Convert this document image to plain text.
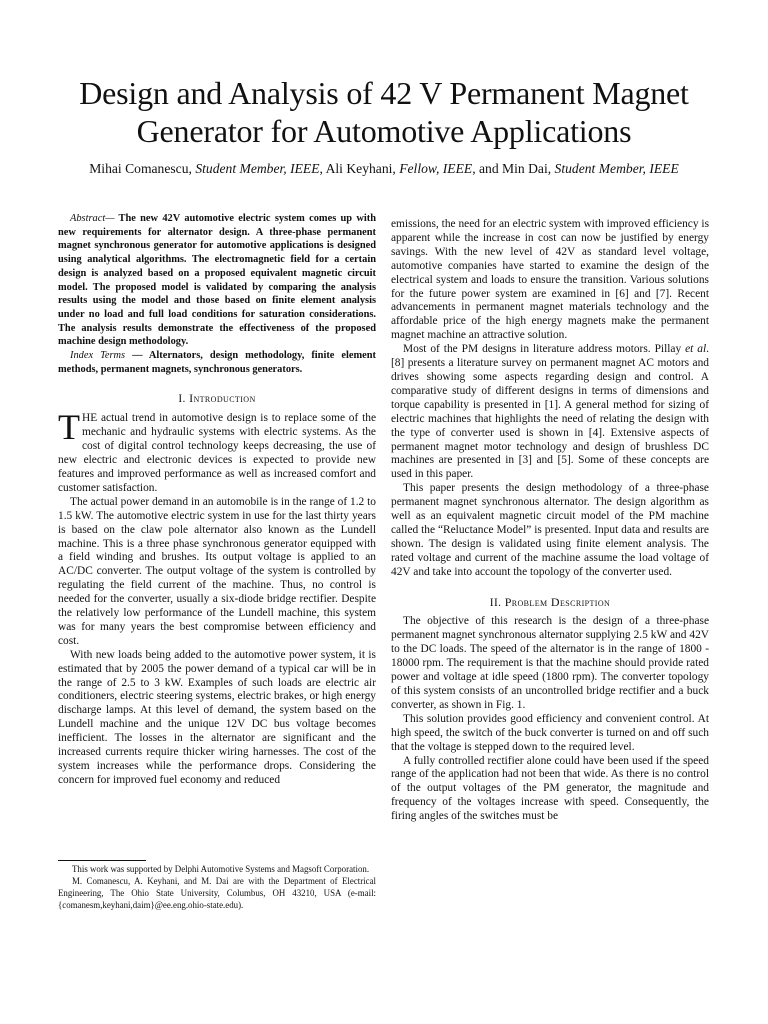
Design and Analysis of 42 V Permanent Magnet
Generator for Automotive Applications
Mihai Comanescu, Student Member, IEEE, Ali Keyhani, Fellow, IEEE, and Min Dai, Student Member, IEEE

Abstract— The new 42V automotive electric system comes up with new requirements for alternator design. A three-phase permanent magnet synchronous generator for automotive applications is designed using analytical algorithms. The electromagnetic field for a certain design is analyzed based on a proposed equivalent magnetic circuit model. The proposed model is validated by comparing the analysis results using the model and those based on finite element analysis under no load and full load conditions for saturation considerations. The analysis results demonstrate the effectiveness of the proposed machine design methodology.

Index Terms — Alternators, design methodology, finite element methods, permanent magnets, synchronous generators.

I. Introduction

THE actual trend in automotive design is to replace some of the mechanic and hydraulic systems with electric systems. As the cost of digital control technology keeps decreasing, the use of new electric and electronic devices is expected to provide new features and improved performance as well as increased comfort and customer satisfaction.

The actual power demand in an automobile is in the range of 1.2 to 1.5 kW. The automotive electric system in use for the last thirty years is based on the claw pole alternator also known as the Lundell machine. This is a three phase synchronous generator equipped with a field winding and brushes. Its output voltage is applied to an AC/DC converter. The output voltage of the system is controlled by regulating the field current of the machine. Thus, no control is needed for the converter, usually a six-diode bridge rectifier. Despite the relatively low performance of the Lundell machine, this system was for many years the best compromise between efficiency and cost.

With new loads being added to the automotive power system, it is estimated that by 2005 the power demand of a typical car will be in the range of 2.5 to 3 kW. Examples of such loads are electric air conditioners, electric steering systems, electric brakes, or high energy discharge lamps. At this level of demand, the system based on the Lundell machine and the unique 12V DC bus voltage becomes inefficient. The losses in the alternator are significant and the increased currents require thicker wiring harnesses. The cost of the system increases while the performance drops. Considering the concern for improved fuel economy and reduced

emissions, the need for an electric system with improved efficiency is apparent while the increase in cost can now be justified by energy savings. With the new level of 42V as standard level voltage, automotive companies have started to examine the design of the electrical system and loads to ensure the transition. Various solutions for the future power system are examined in [6] and [7]. Recent advancements in permanent magnet materials technology and the affordable price of the high energy magnets make the permanent magnet machine an attractive solution.

Most of the PM designs in literature address motors. Pillay et al. [8] presents a literature survey on permanent magnet AC motors and drives showing some aspects regarding design and control. A comparative study of different designs in terms of dimensions and torque capability is presented in [1]. A general method for sizing of electric machines that highlights the need of relating the design with the type of converter used is shown in [4]. Extensive aspects of permanent magnet motor technology and design of brushless DC machines are presented in [3] and [5]. Some of these concepts are used in this paper.

This paper presents the design methodology of a three-phase permanent magnet synchronous alternator. The design algorithm as well as an equivalent magnetic circuit model of the PM machine called the “Reluctance Model” is presented. Input data and results are shown. The design is validated using finite element analysis. The rated voltage and current of the machine assume the load voltage of 42V and take into account the topology of the converter used.

II. Problem Description

The objective of this research is the design of a three-phase permanent magnet synchronous alternator supplying 2.5 kW and 42V to the DC loads. The speed of the alternator is in the range of 1800 - 18000 rpm. The requirement is that the machine should provide rated power and voltage at idle speed (1800 rpm). The converter topology of this system consists of an uncontrolled bridge rectifier and a buck converter, as shown in Fig. 1.

This solution provides good efficiency and convenient control. At high speed, the switch of the buck converter is turned on and off such that the voltage is stepped down to the required level.

A fully controlled rectifier alone could have been used if the speed range of the application had not been that wide. As there is no control of the output voltages of the PM generator, the magnitude and frequency of the voltages increase with speed. Consequently, the firing angles of the switches must be

This work was supported by Delphi Automotive Systems and Magsoft Corporation.

M. Comanescu, A. Keyhani, and M. Dai are with the Department of Electrical Engineering, The Ohio State University, Columbus, OH 43210, USA (e-mail: {comanesm,keyhani,daim}@ee.eng.ohio-state.edu).
